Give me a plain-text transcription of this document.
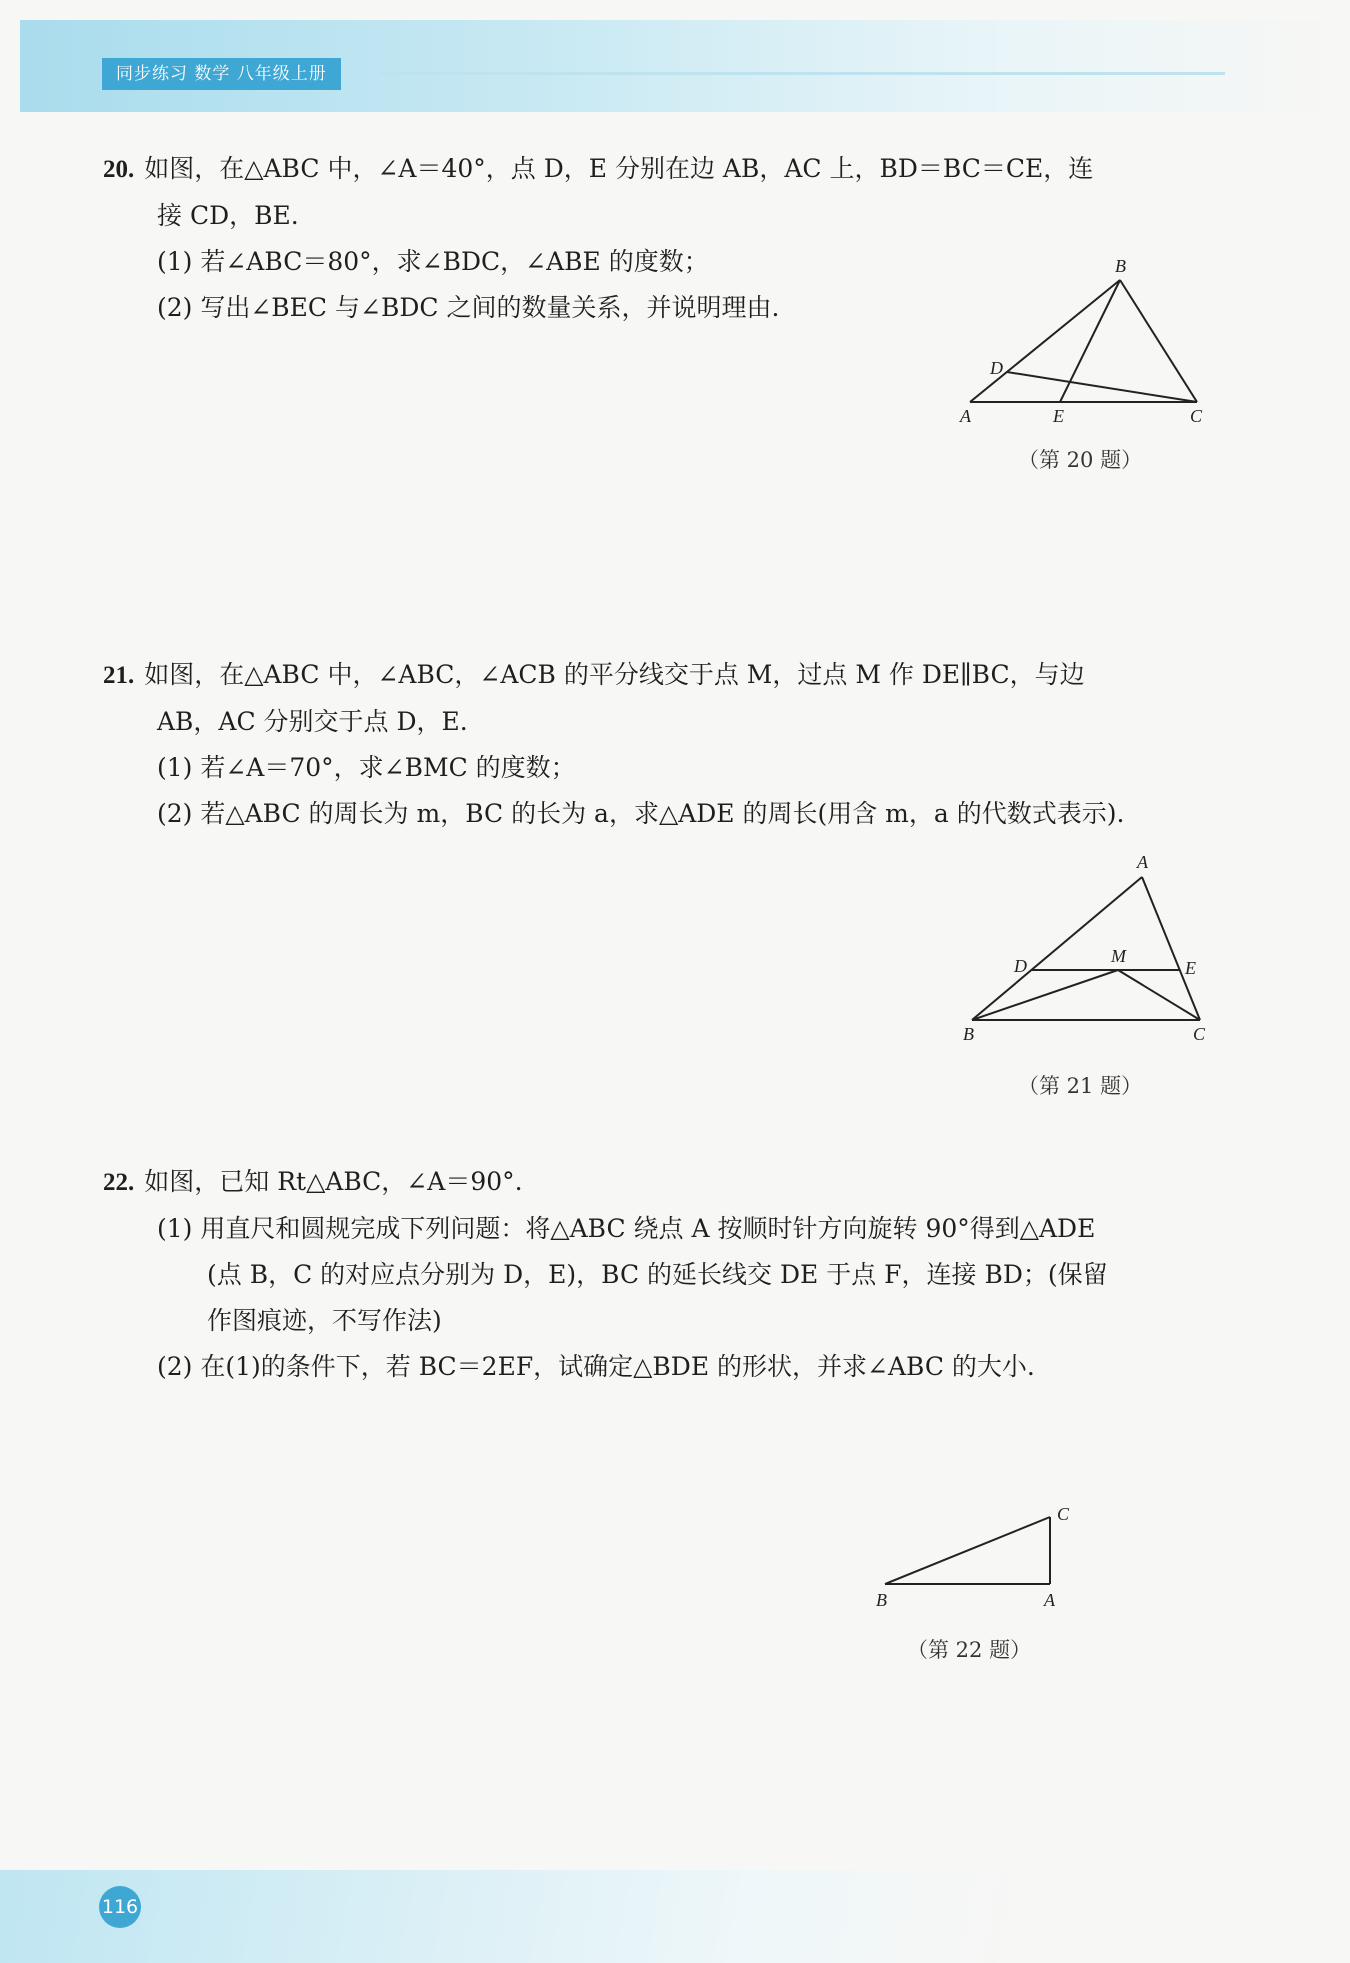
同步练习 数学 八年级上册
20. 如图，在△ABC 中，∠A＝40°，点 D，E 分别在边 AB，AC 上，BD＝BC＝CE，连
接 CD，BE.
(1) 若∠ABC＝80°，求∠BDC，∠ABE 的度数；
(2) 写出∠BEC 与∠BDC 之间的数量关系，并说明理由.
B
D
A	E	C
（第 20 题）
21. 如图，在△ABC 中，∠ABC，∠ACB 的平分线交于点 M，过点 M 作 DE∥BC，与边
AB，AC 分别交于点 D，E.
(1) 若∠A＝70°，求∠BMC 的度数；
(2) 若△ABC 的周长为 m，BC 的长为 a，求△ADE 的周长(用含 m，a 的代数式表示).
A
D	M
E
B	C
（第 21 题）
22. 如图，已知 Rt△ABC，∠A＝90°.
(1) 用直尺和圆规完成下列问题：将△ABC 绕点 A 按顺时针方向旋转 90°得到△ADE
(点 B，C 的对应点分别为 D，E)，BC 的延长线交 DE 于点 F，连接 BD；(保留
作图痕迹，不写作法)
(2) 在(1)的条件下，若 BC＝2EF，试确定△BDE 的形状，并求∠ABC 的大小.
C
B	A
（第 22 题）
116
